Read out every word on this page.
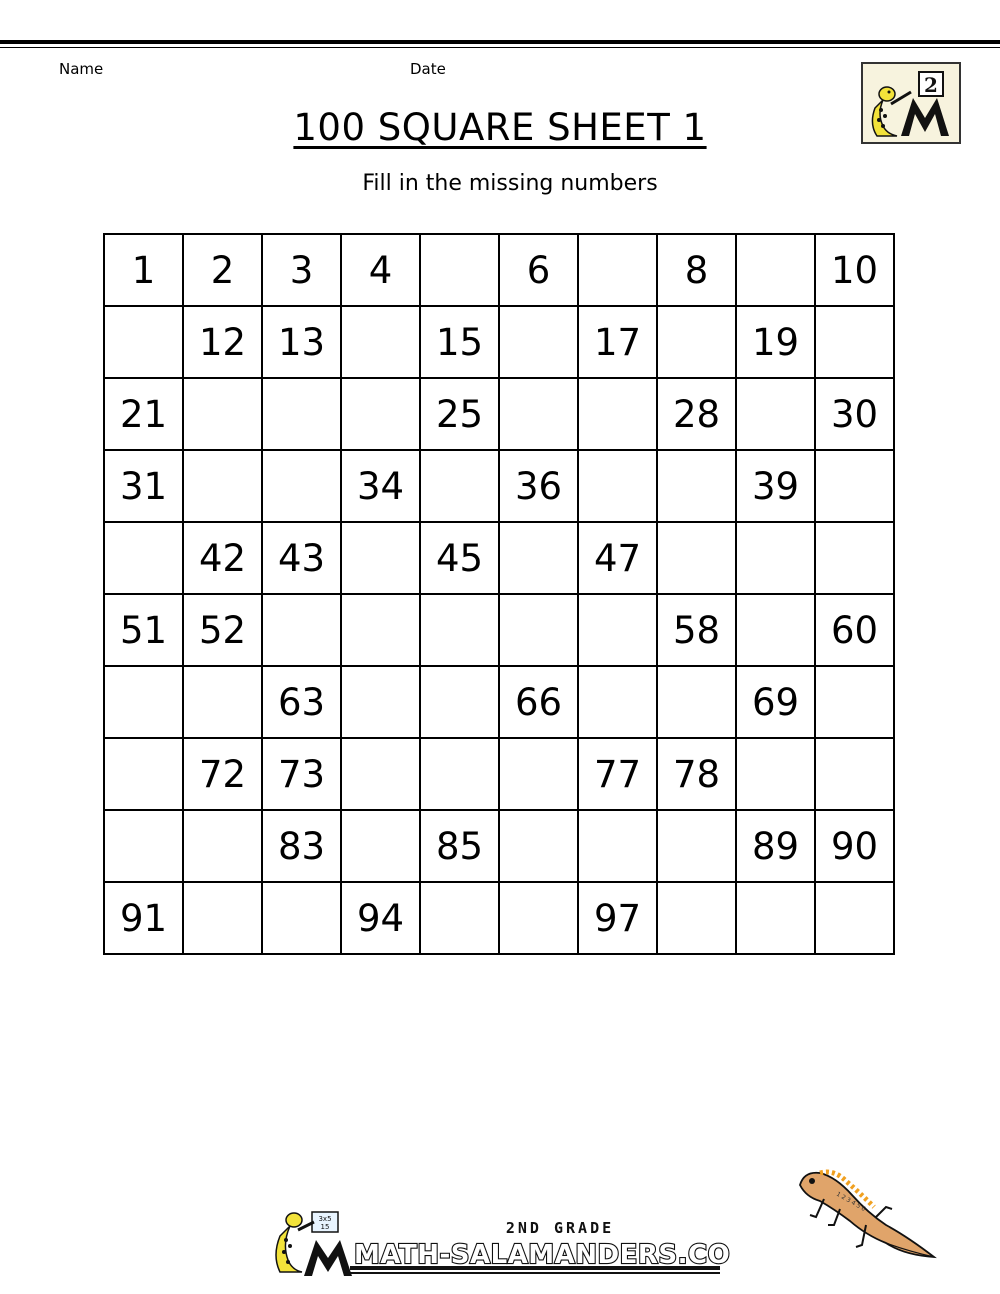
Name	Date
2
100 SQUARE SHEET 1
Fill in the missing numbers
1	2	3	4		6		8		10
	12	13		15		17		19	
21				25			28		30
31			34		36			39	
	42	43		45		47			
51	52						58		60
		63			66			69	
	72	73				77	78		
		83		85				89	90
91			94			97			
3x5
15	2ND GRADE
MATH-SALAMANDERS.COM
1 2 3 4 5 6
